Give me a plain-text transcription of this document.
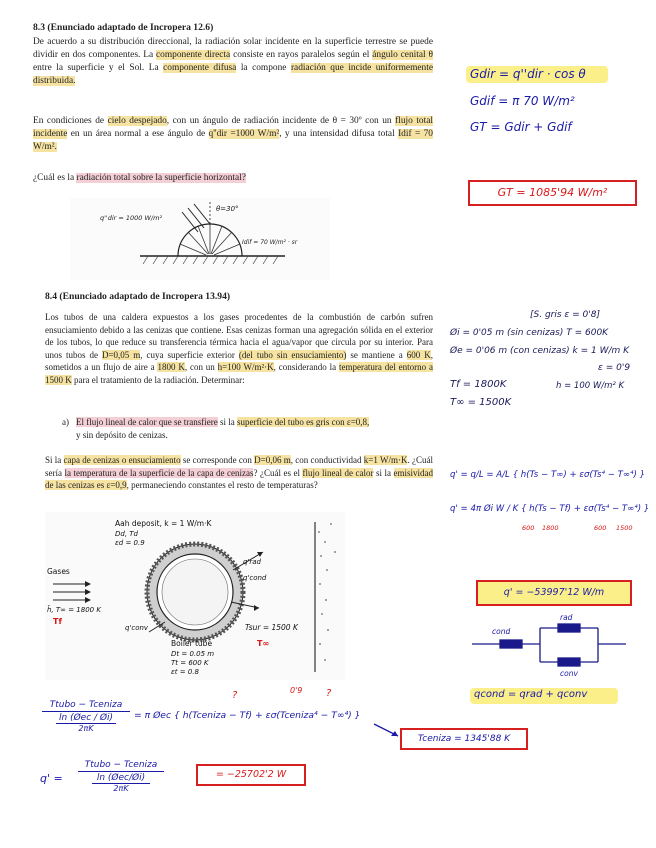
8.3 (Enunciado adaptado de Incropera 12.6)

De acuerdo a su distribución direccional, la radiación solar incidente en la superficie terrestre se puede dividir en dos componentes. La componente directa consiste en rayos paralelos según el ángulo cenital θ entre la superficie y el Sol. La componente difusa la compone radiación que incide uniformemente distribuida.

En condiciones de cielo despejado, con un ángulo de radiación incidente de θ = 30º con un flujo total incidente en un área normal a ese ángulo de q''dir =1000 W/m², y una intensidad difusa total Idif = 70 W/m².

¿Cuál es la radiación total sobre la superficie horizontal?

θ=30°
q''dir = 1000 W/m²
Idif = 70 W/m² · sr
Gdir = q''dir · cos θ
Gdif = π 70 W/m²
GT = Gdir + Gdif
GT = 1085'94 W/m²

8.4 (Enunciado adaptado de Incropera 13.94)

Los tubos de una caldera expuestos a los gases procedentes de la combustión de carbón sufren ensuciamiento debido a las cenizas que contiene. Esas cenizas forman una agregación sólida en el exterior de los tubos, lo que reduce su transferencia térmica hacia el agua/vapor que circula por su interior. Para unos tubos de D=0,05 m, cuya superficie exterior (del tubo sin ensuciamiento) se mantiene a 600 K, sometidos a un flujo de aire a 1800 K, con un h=100 W/m²·K, considerando la temperatura del entorno a 1500 K para el tratamiento de la radiación. Determinar:

a) El flujo lineal de calor que se transfiere si la superficie del tubo es gris con ε=0,8,
y sin depósito de cenizas.

Si la capa de cenizas o ensuciamiento se corresponde con D=0,06 m, con conductividad k=1 W/m·K. ¿Cuál sería la temperatura de la superficie de la capa de cenizas? ¿Cuál es el flujo lineal de calor si la emisividad de las cenizas es ε=0,9, permaneciendo constantes el resto de temperaturas?

Aah deposit, k = 1 W/m·K
Dd, Td
εd = 0.9
Gases
h̄, T∞ = 1800 K
Tf
q'rad
q'cond
q'conv	Tsur = 1500 K
T∞
Boiler tube
Dt = 0.05 m
Tt = 600 K
εt = 0.8
[S. gris ε = 0'8]
Øi = 0'05 m (sin cenizas) T = 600K
Øe = 0'06 m (con cenizas) k = 1 W/m K
ε = 0'9
Tf = 1800K	h = 100 W/m² K
T∞ = 1500K
q' = q/L = A/L { h(Ts − T∞) + εσ(Ts⁴ − T∞⁴) }
q' = 4π Øi W / K { h(Ts − Tf) + εσ(Ts⁴ − T∞⁴) }
600 1800	600 1500
q' = −53997'12 W/m
cond
rad
conv
qcond = qrad + qconv
Ttubo − Tceniza
ln (Øec / Øi)
2πK
= π Øec { h(Tceniza − Tf) + εσ(Tceniza⁴ − T∞⁴) }
?	0'9 ?
Tceniza = 1345'88 K
q' =
Ttubo − Tceniza
ln (Øec/Øi)
2πK
= −25702'2 W
